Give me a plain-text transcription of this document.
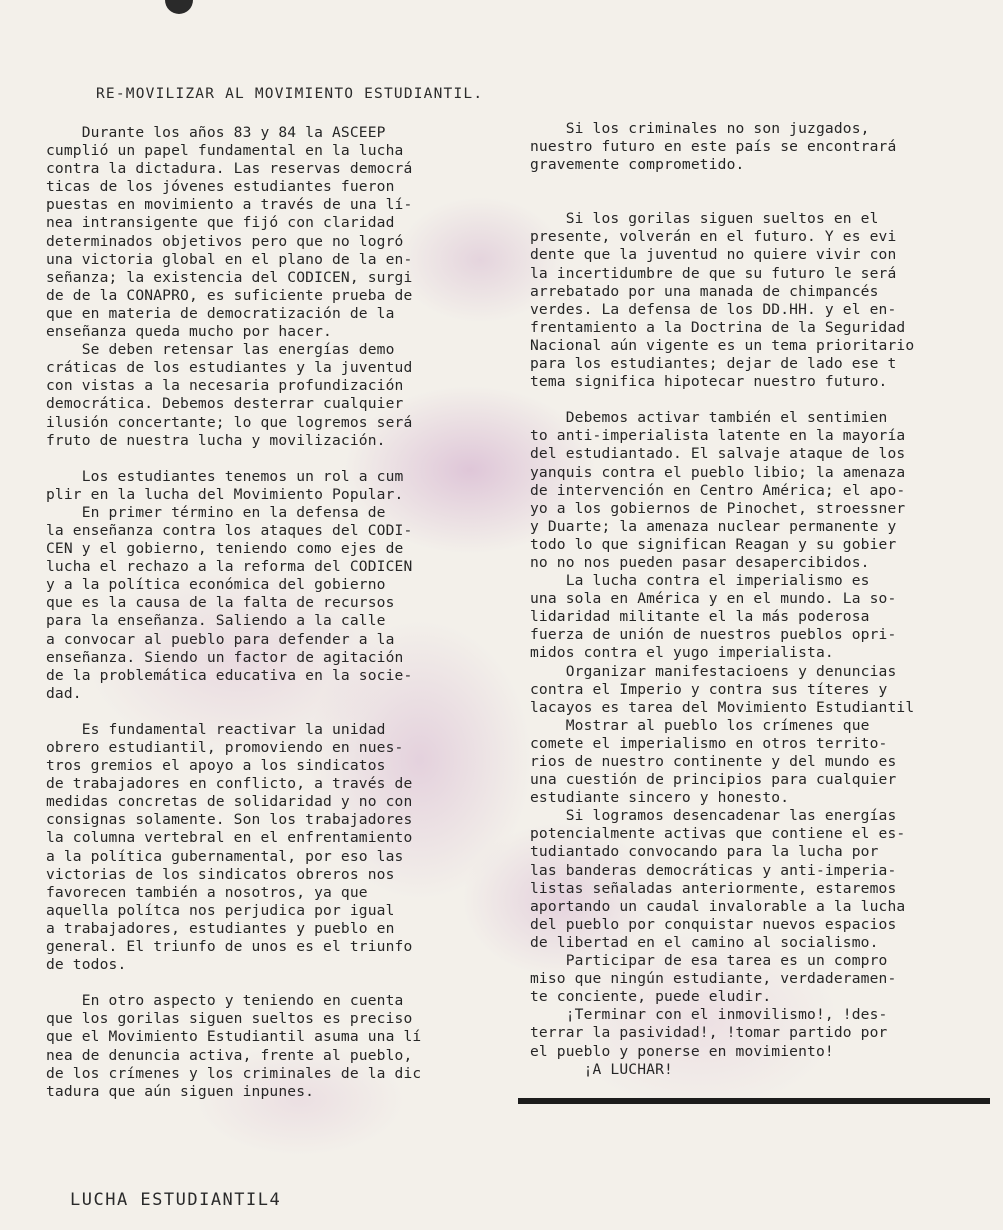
RE-MOVILIZAR AL MOVIMIENTO ESTUDIANTIL.
Durante los años 83 y 84 la ASCEEP
cumplió un papel fundamental en la lucha
contra la dictadura. Las reservas democrá
ticas de los jóvenes estudiantes fueron
puestas en movimiento a través de una lí-
nea intransigente que fijó con claridad
determinados objetivos pero que no logró
una victoria global en el plano de la en-
señanza; la existencia del CODICEN, surgi
de de la CONAPRO, es suficiente prueba de
que en materia de democratización de la
enseñanza queda mucho por hacer.
Se deben retensar las energías demo
cráticas de los estudiantes y la juventud
con vistas a la necesaria profundización
democrática. Debemos desterrar cualquier
ilusión concertante; lo que logremos será
fruto de nuestra lucha y movilización.
Los estudiantes tenemos un rol a cum
plir en la lucha del Movimiento Popular.
En primer término en la defensa de
la enseñanza contra los ataques del CODI-
CEN y el gobierno, teniendo como ejes de
lucha el rechazo a la reforma del CODICEN
y a la política económica del gobierno
que es la causa de la falta de recursos
para la enseñanza. Saliendo a la calle
a convocar al pueblo para defender a la
enseñanza. Siendo un factor de agitación
de la problemática educativa en la socie-
dad.
Es fundamental reactivar la unidad
obrero estudiantil, promoviendo en nues-
tros gremios el apoyo a los sindicatos
de trabajadores en conflicto, a través de
medidas concretas de solidaridad y no con
consignas solamente. Son los trabajadores
la columna vertebral en el enfrentamiento
a la política gubernamental, por eso las
victorias de los sindicatos obreros nos
favorecen también a nosotros, ya que
aquella polítca nos perjudica por igual
a trabajadores, estudiantes y pueblo en
general. El triunfo de unos es el triunfo
de todos.
En otro aspecto y teniendo en cuenta
que los gorilas siguen sueltos es preciso
que el Movimiento Estudiantil asuma una lí
nea de denuncia activa, frente al pueblo,
de los crímenes y los criminales de la dic
tadura que aún siguen inpunes.
Si los criminales no son juzgados,
nuestro futuro en este país se encontrará
gravemente comprometido.
Si los gorilas siguen sueltos en el
presente, volverán en el futuro. Y es evi
dente que la juventud no quiere vivir con
la incertidumbre de que su futuro le será
arrebatado por una manada de chimpancés
verdes. La defensa de los DD.HH. y el en-
frentamiento a la Doctrina de la Seguridad
Nacional aún vigente es un tema prioritario
para los estudiantes; dejar de lado ese t
tema significa hipotecar nuestro futuro.
Debemos activar también el sentimien
to anti-imperialista latente en la mayoría
del estudiantado. El salvaje ataque de los
yanquis contra el pueblo libio; la amenaza
de intervención en Centro América; el apo-
yo a los gobiernos de Pinochet, stroessner
y Duarte; la amenaza nuclear permanente y
todo lo que significan Reagan y su gobier
no no nos pueden pasar desapercibidos.
La lucha contra el imperialismo es
una sola en América y en el mundo. La so-
lidaridad militante el la más poderosa
fuerza de unión de nuestros pueblos opri-
midos contra el yugo imperialista.
Organizar manifestacioens y denuncias
contra el Imperio y contra sus títeres y
lacayos es tarea del Movimiento Estudiantil
Mostrar al pueblo los crímenes que
comete el imperialismo en otros territo-
rios de nuestro continente y del mundo es
una cuestión de principios para cualquier
estudiante sincero y honesto.
Si logramos desencadenar las energías
potencialmente activas que contiene el es-
tudiantado convocando para la lucha por
las banderas democráticas y anti-imperia-
listas señaladas anteriormente, estaremos
aportando un caudal invalorable a la lucha
del pueblo por conquistar nuevos espacios
de libertad en el camino al socialismo.
Participar de esa tarea es un compro
miso que ningún estudiante, verdaderamen-
te conciente, puede eludir.
¡Terminar con el inmovilismo!, !des-
terrar la pasividad!, !tomar partido por
el pueblo y ponerse en movimiento!
¡A LUCHAR!
LUCHA ESTUDIANTIL4
